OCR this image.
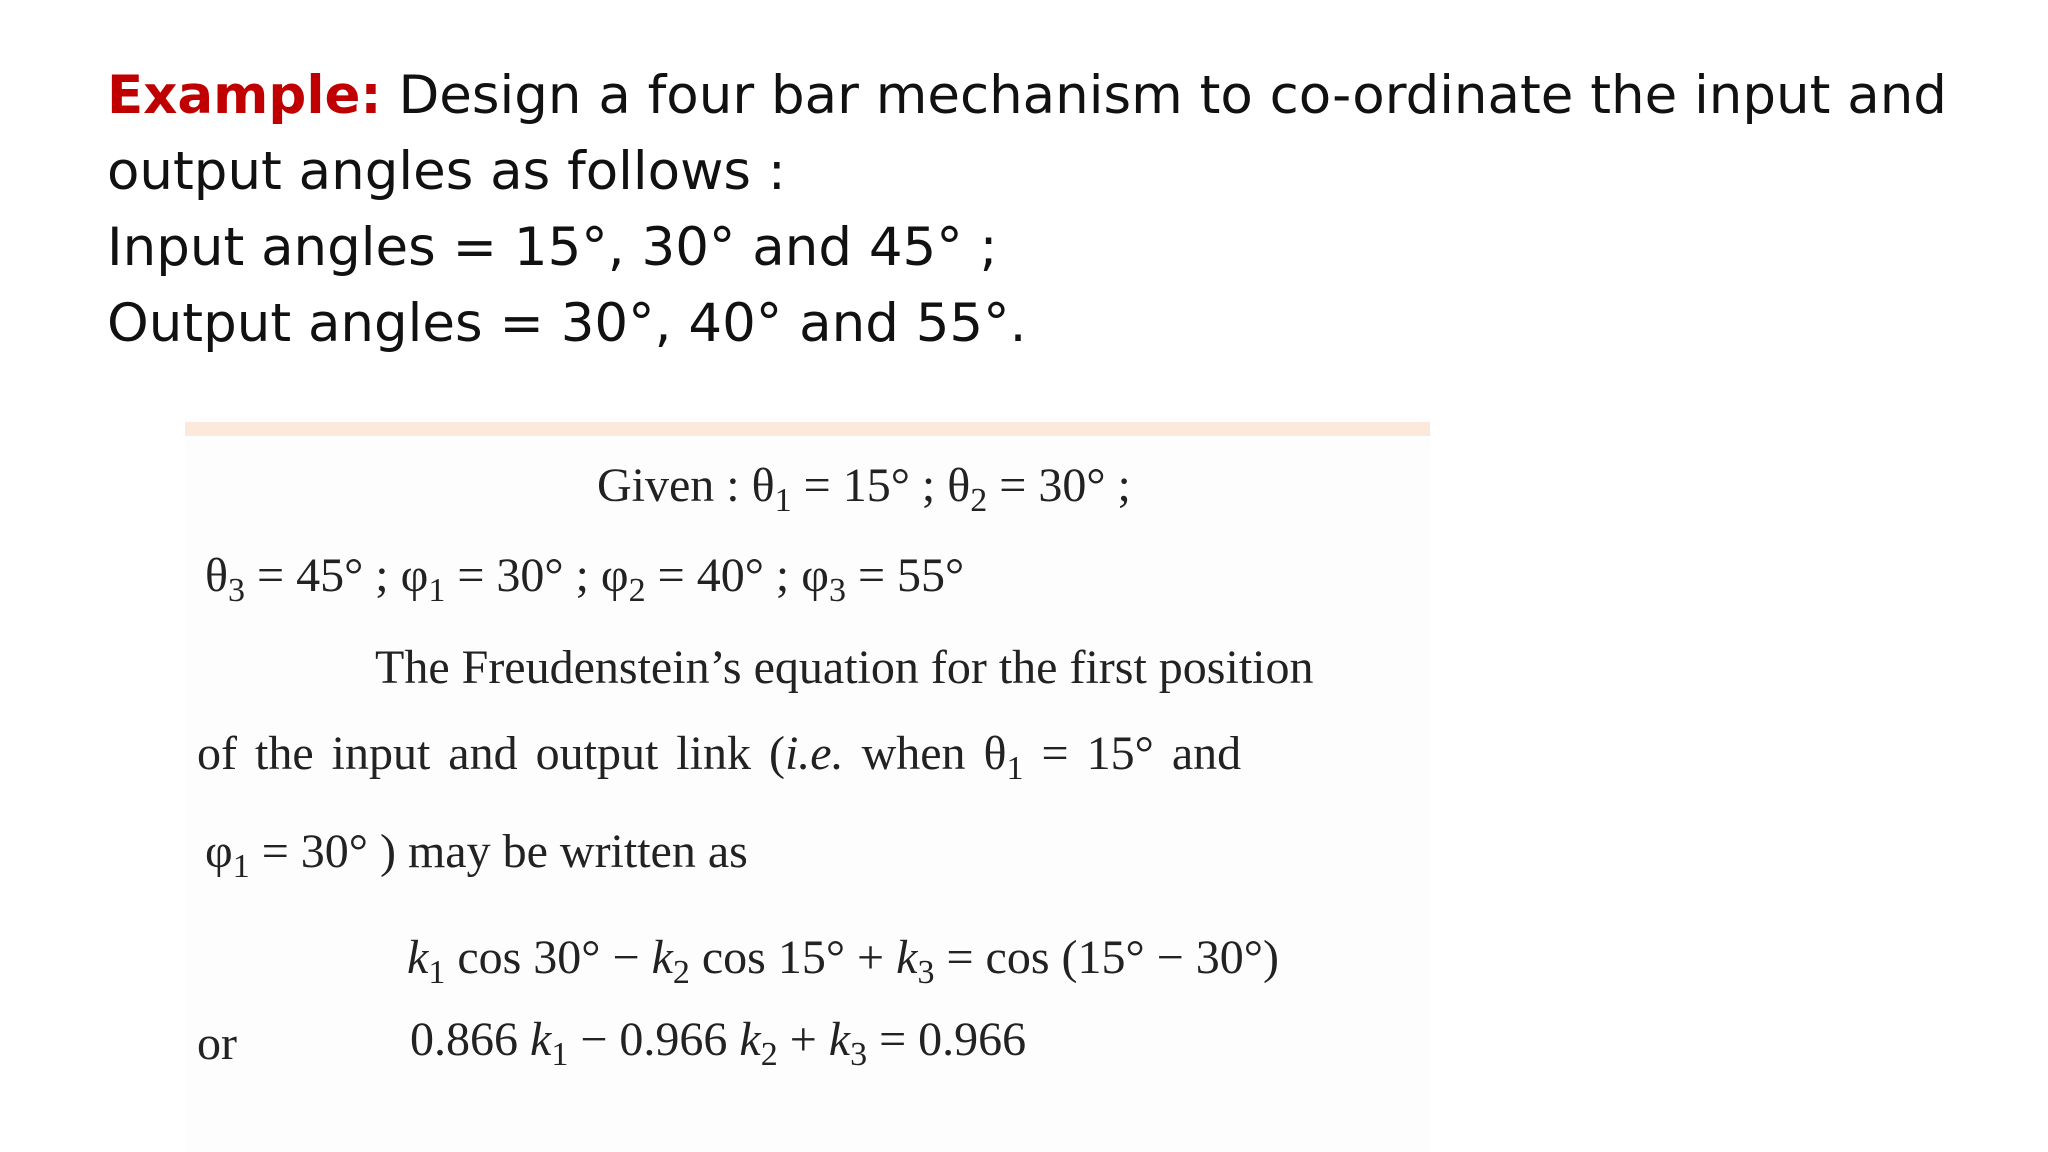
Example: Design a four bar mechanism to co-ordinate the input and
output angles as follows :
Input angles = 15°, 30° and 45° ;
Output angles = 30°, 40° and 55°.
Given : $\theta_1 = 15^\circ$ ; $\theta_2 = 30^\circ$ ;
$\theta_3 = 45^\circ$ ; $\varphi_1 = 30^\circ$ ; $\varphi_2 = 40^\circ$ ; $\varphi_3 = 55^\circ$
The Freudenstein’s equation for the first position
of the input and output link (i.e. when $\theta_1 = 15^\circ$ and
$\varphi_1 = 30^\circ$ ) may be written as
$k_1$ $\cos 30^\circ - k_2$ $\cos 15^\circ + k_3 = \cos (15^\circ - 30^\circ)$
or	0.866 $k_1 - 0.966$ $k_2 + k_3 = 0.966$
